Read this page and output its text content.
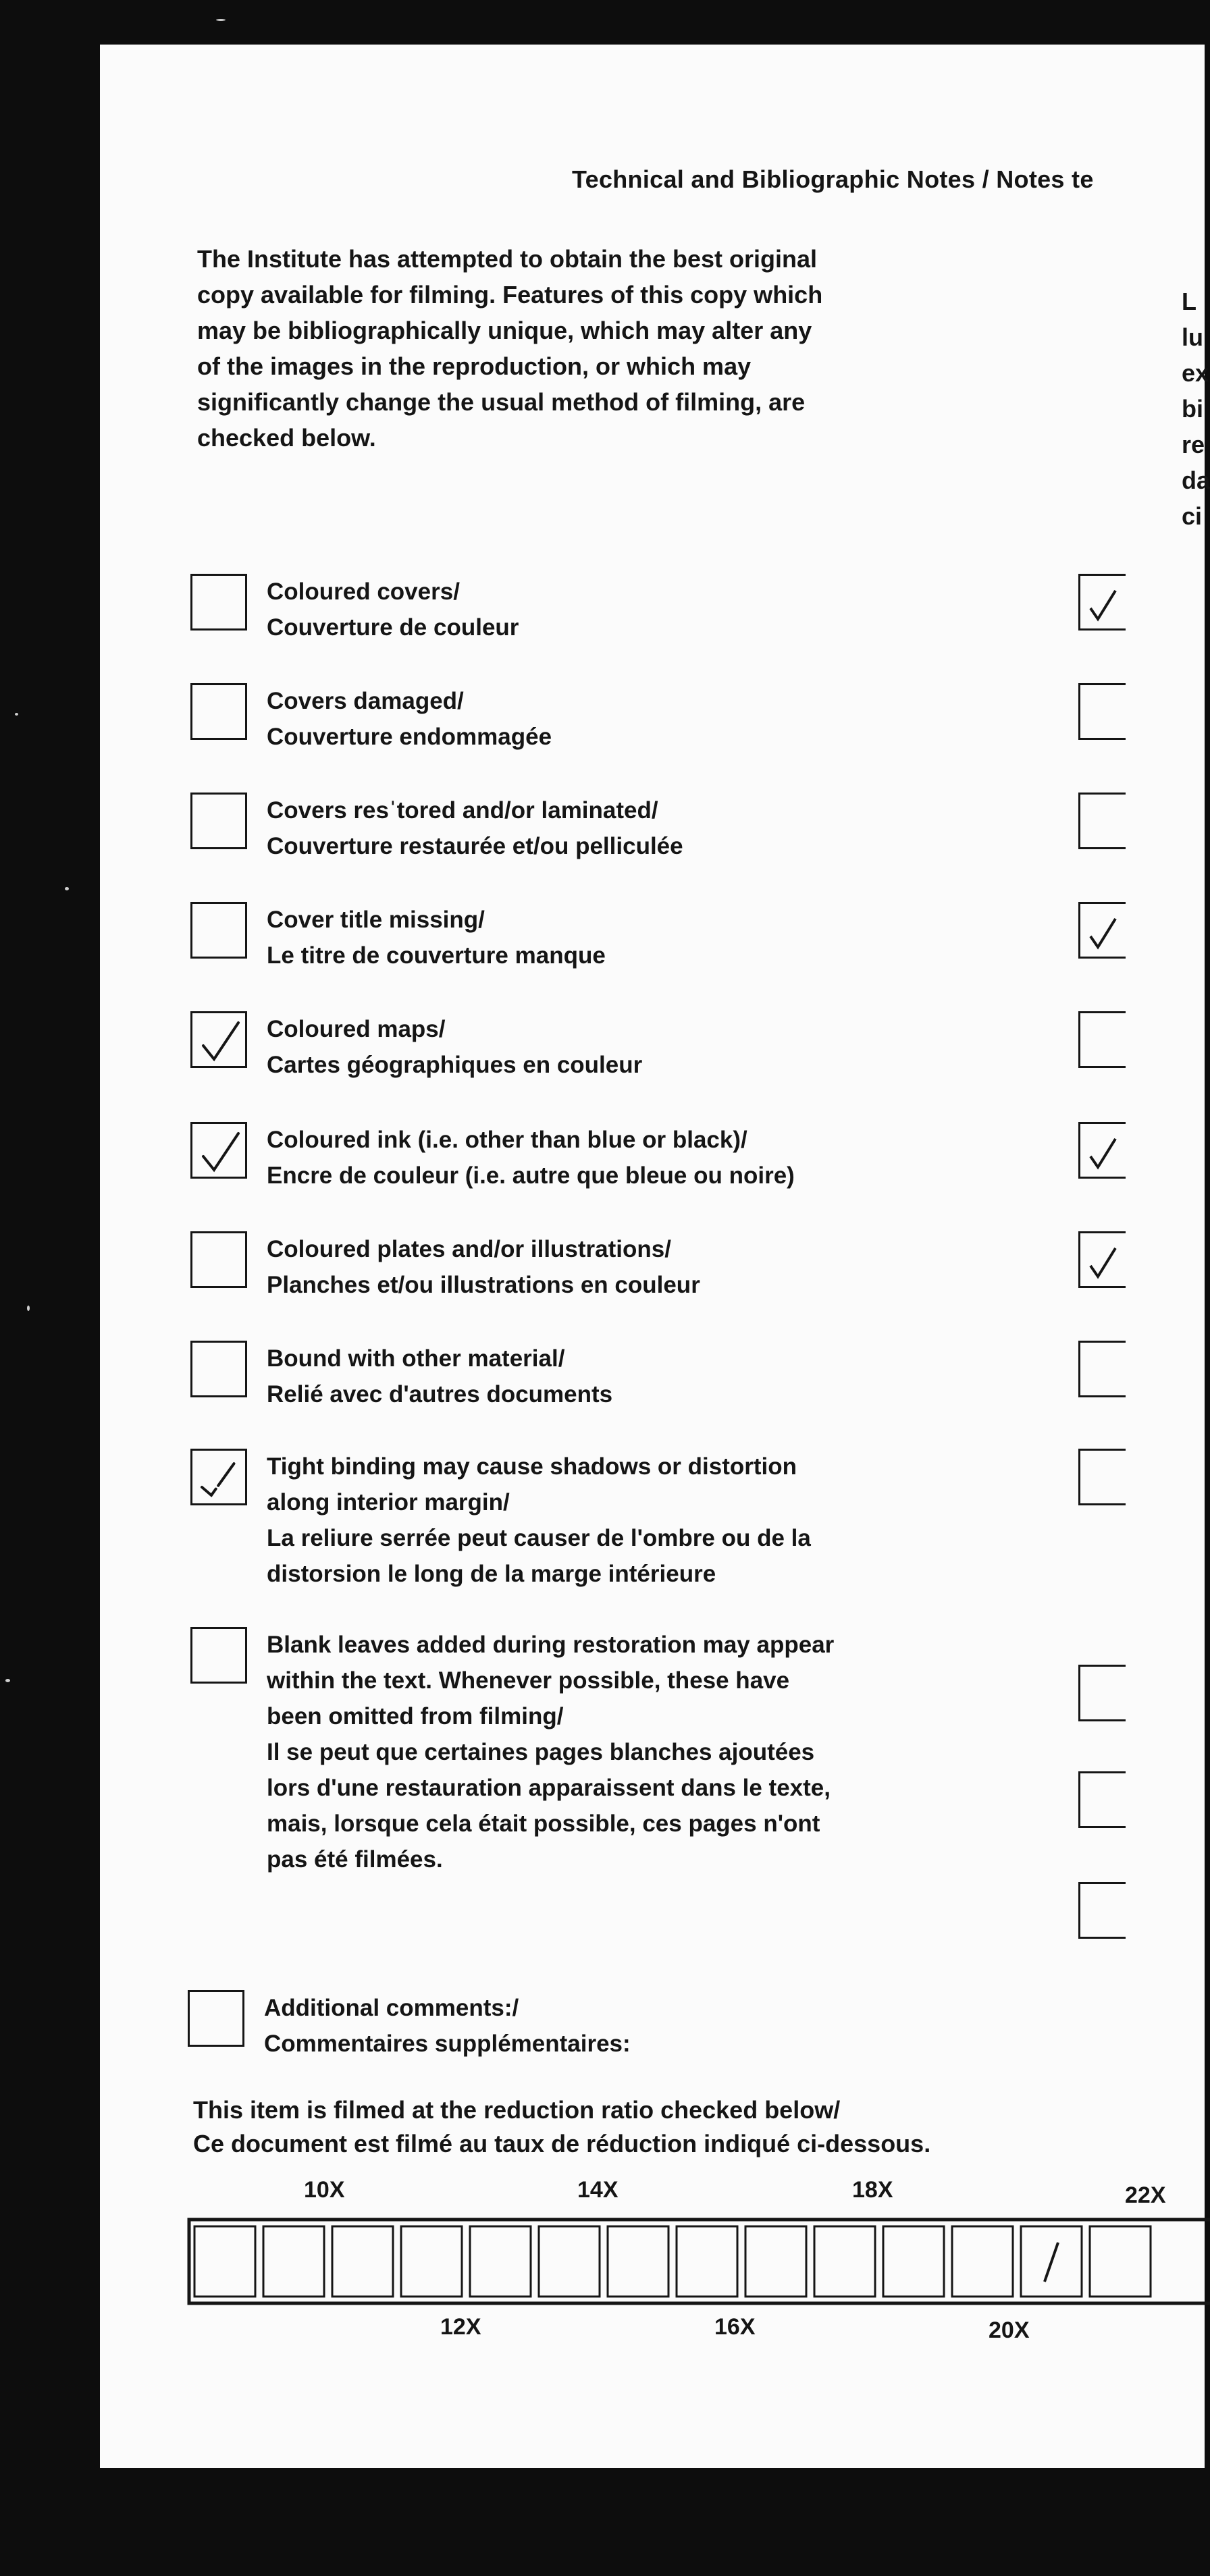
Technical and Bibliographic Notes / Notes te
The Institute has attempted to obtain the best original
copy available for filming. Features of this copy which
may be bibliographically unique, which may alter any
of the images in the reproduction, or which may
significantly change the usual method of filming, are
checked below.
Coloured covers/
Couverture de couleur
Covers damaged/
Couverture endommagée
Covers resˈtored and/or laminated/
Couverture restaurée et/ou pelliculée
Cover title missing/
Le titre de couverture manque
Coloured maps/
Cartes géographiques en couleur
Coloured ink (i.e. other than blue or black)/
Encre de couleur (i.e. autre que bleue ou noire)
Coloured plates and/or illustrations/
Planches et/ou illustrations en couleur
Bound with other material/
Relié avec d'autres documents
Tight binding may cause shadows or distortion
along interior margin/
La reliure serrée peut causer de l'ombre ou de la
distorsion le long de la marge intérieure
Blank leaves added during restoration may appear
within the text. Whenever possible, these have
been omitted from filming/
Il se peut que certaines pages blanches ajoutées
lors d'une restauration apparaissent dans le texte,
mais, lorsque cela était possible, ces pages n'ont
pas été filmées.
Additional comments:/
Commentaires supplémentaires:
L
lu
ex
bi
re
da
ci
This item is filmed at the reduction ratio checked below/
Ce document est filmé au taux de réduction indiqué ci-dessous.
10X	14X	18X	22X
12X	16X	20X
